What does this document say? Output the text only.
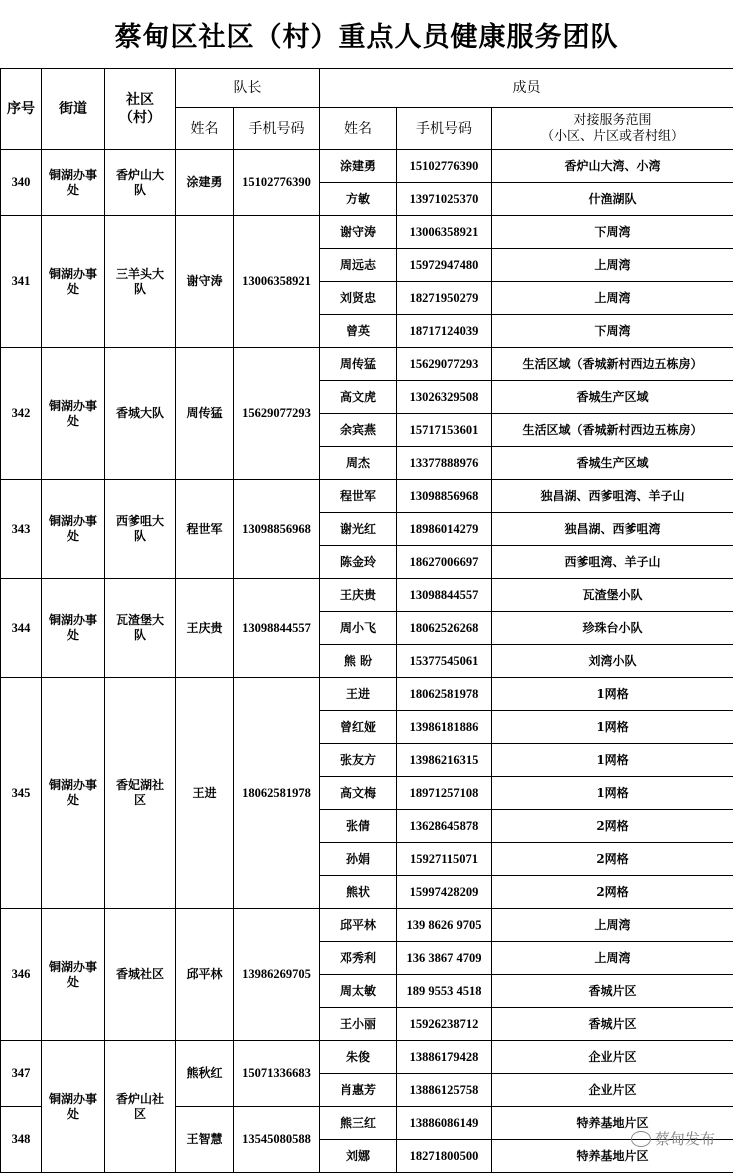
蔡甸区社区（村）重点人员健康服务团队
序号	街道	社区
（村）	队长		成员		
			姓名	手机号码	姓名	手机号码	对接服务范围
（小区、片区或者村组）
340	铜湖办事处	香炉山大队	涂建勇	15102776390	涂建勇	15102776390	香炉山大湾、小湾
					方敏	13971025370	什渔湖队
341	铜湖办事处	三羊头大队	谢守涛	13006358921	谢守涛	13006358921	下周湾
					周远志	15972947480	上周湾
					刘贤忠	18271950279	上周湾
					曾英	18717124039	下周湾
342	铜湖办事处	香城大队	周传猛	15629077293	周传猛	15629077293	生活区域（香城新村西边五栋房）
					高文虎	13026329508	香城生产区域
					余宾燕	15717153601	生活区域（香城新村西边五栋房）
					周杰	13377888976	香城生产区域
343	铜湖办事处	西爹咀大队	程世军	13098856968	程世军	13098856968	独昌湖、西爹咀湾、羊子山
					谢光红	18986014279	独昌湖、西爹咀湾
					陈金玲	18627006697	西爹咀湾、羊子山
344	铜湖办事处	瓦渣堡大队	王庆贵	13098844557	王庆贵	13098844557	瓦渣堡小队
					周小飞	18062526268	珍珠台小队
					熊 盼	15377545061	刘湾小队
345	铜湖办事处	香妃湖社区	王进	18062581978	王进	18062581978	1网格
					曾红娅	13986181886	1网格
					张友方	13986216315	1网格
					高文梅	18971257108	1网格
					张倩	13628645878	2网格
					孙娟	15927115071	2网格
					熊状	15997428209	2网格
346	铜湖办事处	香城社区	邱平林	13986269705	邱平林	139 8626 9705	上周湾
					邓秀利	136 3867 4709	上周湾
					周太敏	189 9553 4518	香城片区
					王小丽	15926238712	香城片区
347	铜湖办事处	香炉山社区	熊秋红	15071336683	朱俊	13886179428	企业片区
					肖惠芳	13886125758	企业片区
348			王智慧	13545080588	熊三红	13886086149	特养基地片区
					刘娜	18271800500	特养基地片区
蔡甸发布
